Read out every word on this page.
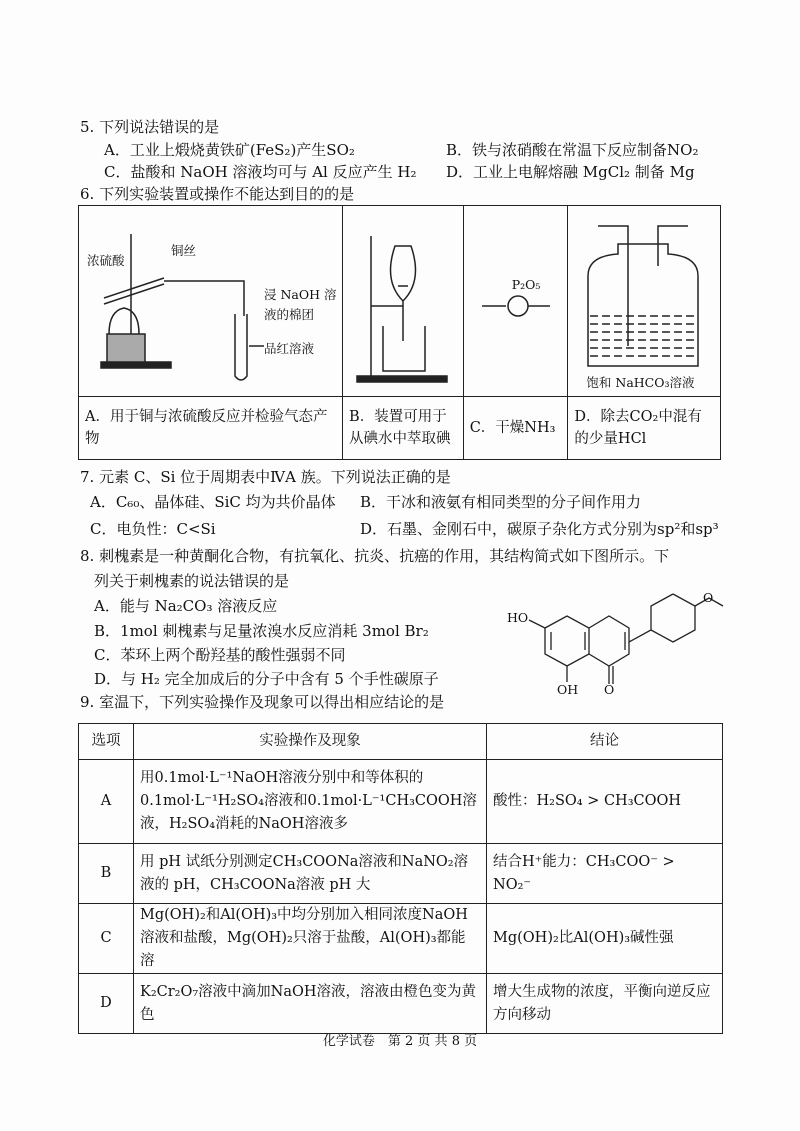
5. 下列说法错误的是
A．工业上煅烧黄铁矿(FeS₂)产生SO₂	B．铁与浓硝酸在常温下反应制备NO₂
C．盐酸和 NaOH 溶液均可与 Al 反应产生 H₂ D．工业上电解熔融 MgCl₂ 制备 Mg
6. 下列实验装置或操作不能达到目的的是
浓硫酸
铜丝
浸 NaOH 溶
液的棉团
品红溶液		P₂O₅	饱和 NaHCO₃溶液

A．用于铜与浓硫酸反应并检验气态产物	B．装置可用于从碘水中萃取碘	C．干燥NH₃	D．除去CO₂中混有的少量HCl
7. 元素 C、Si 位于周期表中ⅣA 族。下列说法正确的是
A．C₆₀、晶体硅、SiC 均为共价晶体 B．干冰和液氨有相同类型的分子间作用力
C．电负性：C<Si	D．石墨、金刚石中，碳原子杂化方式分别为sp²和sp³
8. 刺槐素是一种黄酮化合物，有抗氧化、抗炎、抗癌的作用，其结构简式如下图所示。下
列关于刺槐素的说法错误的是
A．能与 Na₂CO₃ 溶液反应
B．1mol 刺槐素与足量浓溴水反应消耗 3mol Br₂
C．苯环上两个酚羟基的酸性强弱不同
D．与 H₂ 完全加成后的分子中含有 5 个手性碳原子
HO
OH O
O
9. 室温下，下列实验操作及现象可以得出相应结论的是
选项	实验操作及现象	结论
A	用0.1mol·L⁻¹NaOH溶液分别中和等体积的0.1mol·L⁻¹H₂SO₄溶液和0.1mol·L⁻¹CH₃COOH溶液，H₂SO₄消耗的NaOH溶液多	酸性：H₂SO₄ > CH₃COOH
B	用 pH 试纸分别测定CH₃COONa溶液和NaNO₂溶液的 pH，CH₃COONa溶液 pH 大	结合H⁺能力：CH₃COO⁻ > NO₂⁻
C	Mg(OH)₂和Al(OH)₃中均分别加入相同浓度NaOH溶液和盐酸，Mg(OH)₂只溶于盐酸，Al(OH)₃都能溶	Mg(OH)₂比Al(OH)₃碱性强
D	K₂Cr₂O₇溶液中滴加NaOH溶液，溶液由橙色变为黄色	增大生成物的浓度，平衡向逆反应方向移动
化学试卷　第 2 页 共 8 页
